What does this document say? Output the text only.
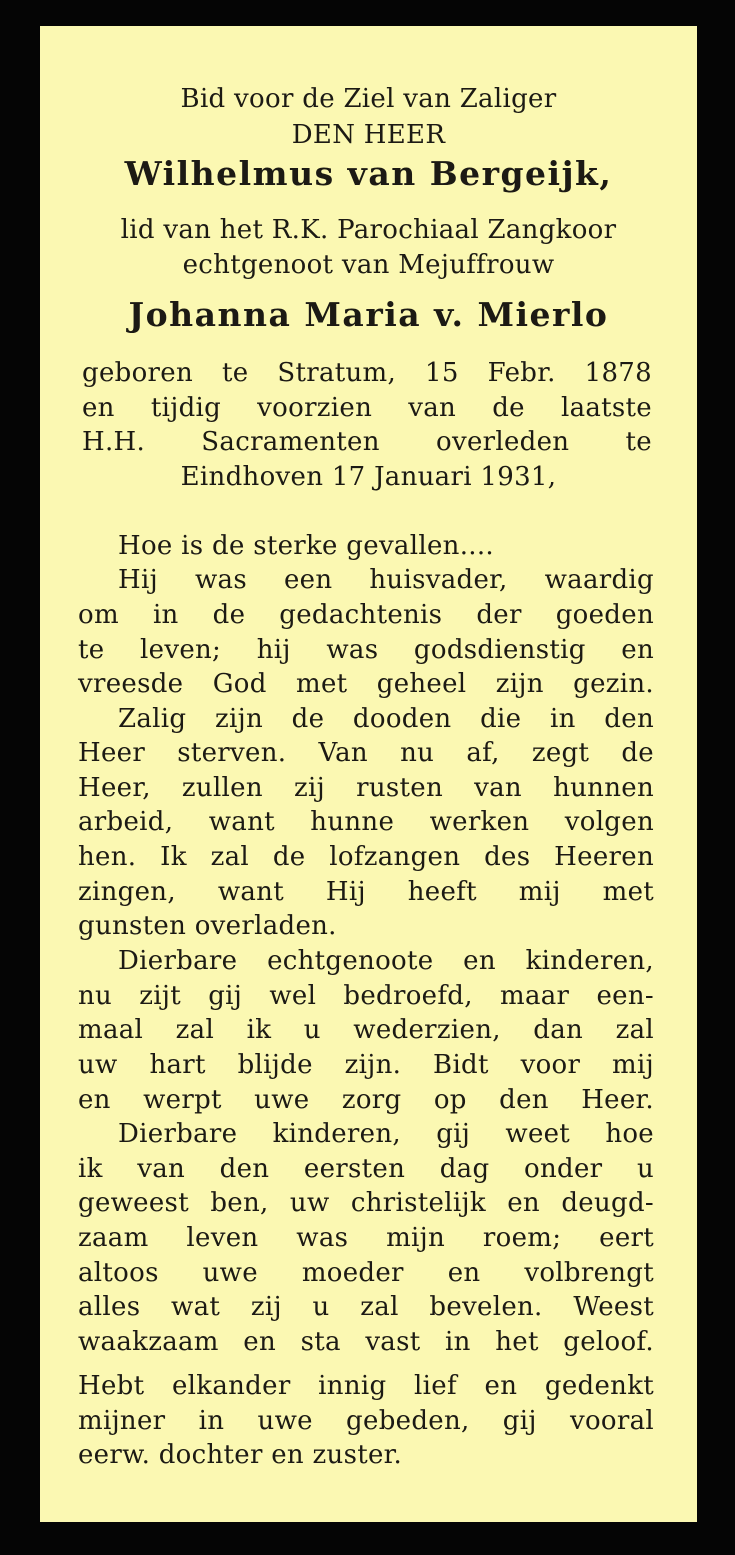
Bid voor de Ziel van Zaliger
DEN HEER
Wilhelmus van Bergeijk,
lid van het R.K. Parochiaal Zangkoor
echtgenoot van Mejuffrouw
Johanna Maria v. Mierlo
geboren te Stratum, 15 Febr. 1878
en tijdig voorzien van de laatste
H.H. Sacramenten overleden te
Eindhoven 17 Januari 1931,
Hoe is de sterke gevallen....
Hij was een huisvader, waardig
om in de gedachtenis der goeden
te leven; hij was godsdienstig en
vreesde God met geheel zijn gezin.
Zalig zijn de dooden die in den
Heer sterven. Van nu af, zegt de
Heer, zullen zij rusten van hunnen
arbeid, want hunne werken volgen
hen. Ik zal de lofzangen des Heeren
zingen, want Hij heeft mij met
gunsten overladen.
Dierbare echtgenoote en kinderen,
nu zijt gij wel bedroefd, maar een-
maal zal ik u wederzien, dan zal
uw hart blijde zijn. Bidt voor mij
en werpt uwe zorg op den Heer.
Dierbare kinderen, gij weet hoe
ik van den eersten dag onder u
geweest ben, uw christelijk en deugd-
zaam leven was mijn roem; eert
altoos uwe moeder en volbrengt
alles wat zij u zal bevelen. Weest
waakzaam en sta vast in het geloof.
Hebt elkander innig lief en gedenkt
mijner in uwe gebeden, gij vooral
eerw. dochter en zuster.
